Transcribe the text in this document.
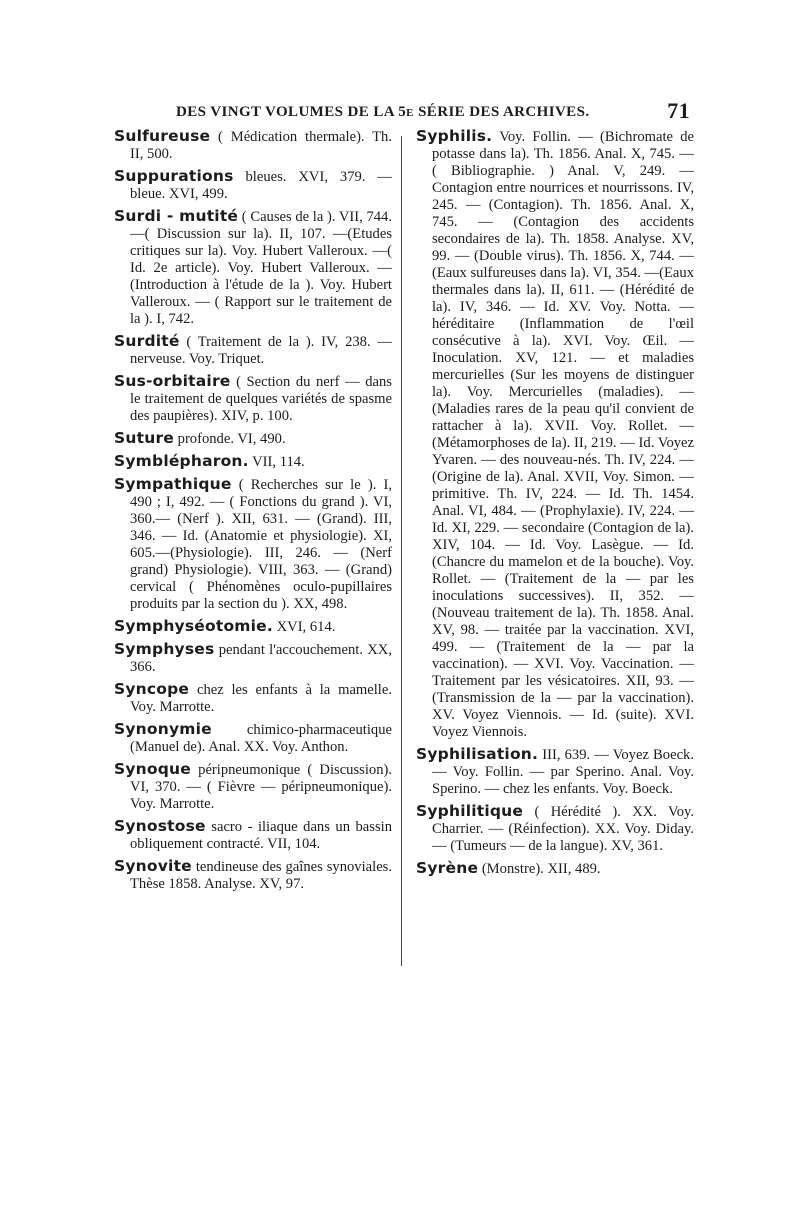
DES VINGT VOLUMES DE LA 5e SÉRIE DES ARCHIVES.	71
Sulfureuse ( Médication thermale). Th. II, 500.
Suppurations bleues. XVI, 379. — bleue. XVI, 499.
Surdi - mutité ( Causes de la ). VII, 744. —( Discussion sur la). II, 107. —(Etudes critiques sur la). Voy. Hubert Valleroux. —( Id. 2e article). Voy. Hubert Valleroux. — (Introduction à l'étude de la ). Voy. Hubert Valleroux. — ( Rapport sur le traitement de la ). I, 742.
Surdité ( Traitement de la ). IV, 238. — nerveuse. Voy. Triquet.
Sus-orbitaire ( Section du nerf — dans le traitement de quelques variétés de spasme des paupières). XIV, p. 100.
Suture profonde. VI, 490.
Symblépharon. VII, 114.
Sympathique ( Recherches sur le ). I, 490 ; I, 492. — ( Fonctions du grand ). VI, 360.— (Nerf ). XII, 631. — (Grand). III, 346. — Id. (Anatomie et physiologie). XI, 605.—(Physiologie). III, 246. — (Nerf grand) Physiologie). VIII, 363. — (Grand) cervical ( Phénomènes oculo-pupillaires produits par la section du ). XX, 498.
Symphyséotomie. XVI, 614.
Symphyses pendant l'accouchement. XX, 366.
Syncope chez les enfants à la mamelle. Voy. Marrotte.
Synonymie chimico-pharmaceutique (Manuel de). Anal. XX. Voy. Anthon.
Synoque péripneumonique ( Discussion). VI, 370. — ( Fièvre — péripneumonique). Voy. Marrotte.
Synostose sacro - iliaque dans un bassin obliquement contracté. VII, 104.
Synovite tendineuse des gaînes synoviales. Thèse 1858. Analyse. XV, 97.
Syphilis. Voy. Follin. — (Bichromate de potasse dans la). Th. 1856. Anal. X, 745. — ( Bibliographie. ) Anal. V, 249. — Contagion entre nourrices et nourrissons. IV, 245. — (Contagion). Th. 1856. Anal. X, 745. — (Contagion des accidents secondaires de la). Th. 1858. Analyse. XV, 99. — (Double virus). Th. 1856. X, 744. — (Eaux sulfureuses dans la). VI, 354. —(Eaux thermales dans la). II, 611. — (Hérédité de la). IV, 346. — Id. XV. Voy. Notta. — héréditaire (Inflammation de l'œil consécutive à la). XVI. Voy. Œil. — Inoculation. XV, 121. — et maladies mercurielles (Sur les moyens de distinguer la). Voy. Mercurielles (maladies). — (Maladies rares de la peau qu'il convient de rattacher à la). XVII. Voy. Rollet. — (Métamorphoses de la). II, 219. — Id. Voyez Yvaren. — des nouveau-nés. Th. IV, 224. — (Origine de la). Anal. XVII, Voy. Simon. — primitive. Th. IV, 224. — Id. Th. 1454. Anal. VI, 484. — (Prophylaxie). IV, 224. — Id. XI, 229. — secondaire (Contagion de la). XIV, 104. — Id. Voy. Lasègue. — Id. (Chancre du mamelon et de la bouche). Voy. Rollet. — (Traitement de la — par les inoculations successives). II, 352. — (Nouveau traitement de la). Th. 1858. Anal. XV, 98. — traitée par la vaccination. XVI, 499. — (Traitement de la — par la vaccination). — XVI. Voy. Vaccination. — Traitement par les vésicatoires. XII, 93. — (Transmission de la — par la vaccination). XV. Voyez Viennois. — Id. (suite). XVI. Voyez Viennois.
Syphilisation. III, 639. — Voyez Boeck. — Voy. Follin. — par Sperino. Anal. Voy. Sperino. — chez les enfants. Voy. Boeck.
Syphilitique ( Hérédité ). XX. Voy. Charrier. — (Réinfection). XX. Voy. Diday. — (Tumeurs — de la langue). XV, 361.
Syrène (Monstre). XII, 489.
